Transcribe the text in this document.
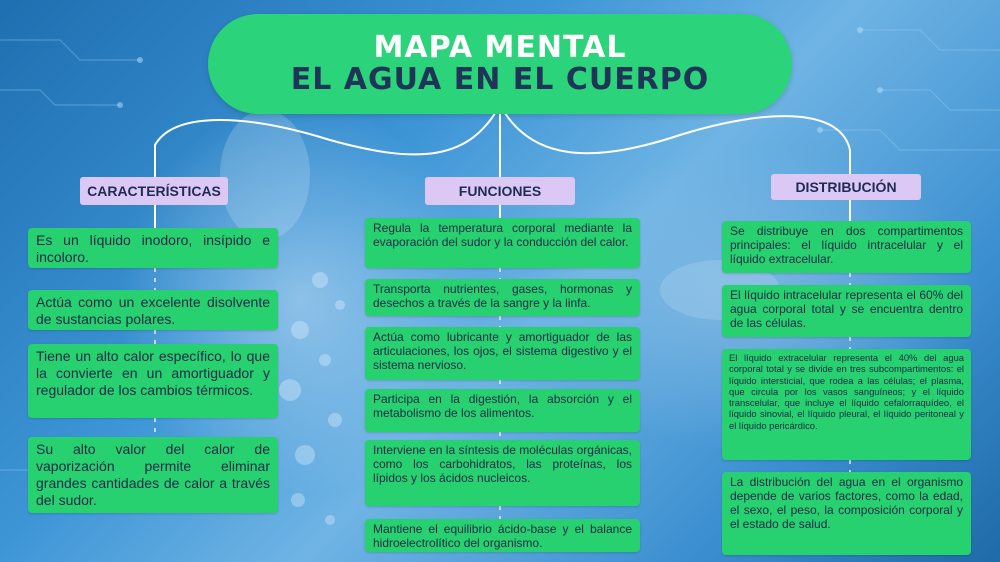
MAPA MENTAL
EL AGUA EN EL CUERPO
CARACTERÍSTICAS
Es un líquido inodoro, insípido e incoloro.
Actúa como un excelente disolvente de sustancias polares.
Tiene un alto calor específico, lo que la convierte en un amortiguador y regulador de los cambios térmicos.
Su alto valor del calor de vaporización permite eliminar grandes cantidades de calor a través del sudor.
FUNCIONES
Regula la temperatura corporal mediante la evaporación del sudor y la conducción del calor.
Transporta nutrientes, gases, hormonas y desechos a través de la sangre y la linfa.
Actúa como lubricante y amortiguador de las articulaciones, los ojos, el sistema digestivo y el sistema nervioso.
Participa en la digestión, la absorción y el metabolismo de los alimentos.
Interviene en la síntesis de moléculas orgánicas, como los carbohidratos, las proteínas, los lípidos y los ácidos nucleicos.
Mantiene el equilibrio ácido-base y el balance hidroelectrolítico del organismo.
DISTRIBUCIÓN
Se distribuye en dos compartimentos principales: el líquido intracelular y el líquido extracelular.
El líquido intracelular representa el 60% del agua corporal total y se encuentra dentro de las células.
El líquido extracelular representa el 40% del agua corporal total y se divide en tres subcompartimentos: el líquido intersticial, que rodea a las células; el plasma, que circula por los vasos sanguíneos; y el líquido transcelular, que incluye el líquido cefalorraquídeo, el líquido sinovial, el líquido pleural, el líquido peritoneal y el líquido pericárdico.
La distribución del agua en el organismo depende de varios factores, como la edad, el sexo, el peso, la composición corporal y el estado de salud.
